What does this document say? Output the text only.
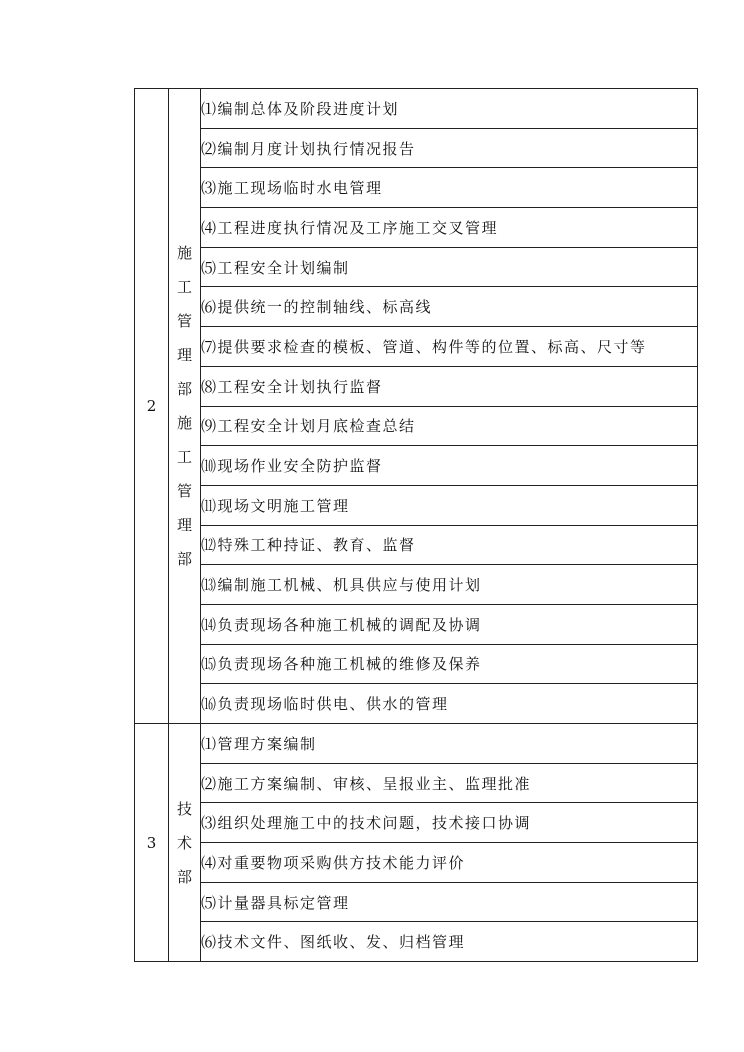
2	施工管理部施工管理部	⑴编制总体及阶段进度计划
		⑵编制月度计划执行情况报告
		⑶施工现场临时水电管理
		⑷工程进度执行情况及工序施工交叉管理
		⑸工程安全计划编制
		⑹提供统一的控制轴线、标高线
		⑺提供要求检查的模板、管道、构件等的位置、标高、尺寸等
		⑻工程安全计划执行监督
		⑼工程安全计划月底检查总结
		⑽现场作业安全防护监督
		⑾现场文明施工管理
		⑿特殊工种持证、教育、监督
		⒀编制施工机械、机具供应与使用计划
		⒁负责现场各种施工机械的调配及协调
		⒂负责现场各种施工机械的维修及保养
		⒃负责现场临时供电、供水的管理
3	技术部	⑴管理方案编制
		⑵施工方案编制、审核、呈报业主、监理批准
		⑶组织处理施工中的技术问题，技术接口协调
		⑷对重要物项采购供方技术能力评价
		⑸计量器具标定管理
		⑹技术文件、图纸收、发、归档管理
